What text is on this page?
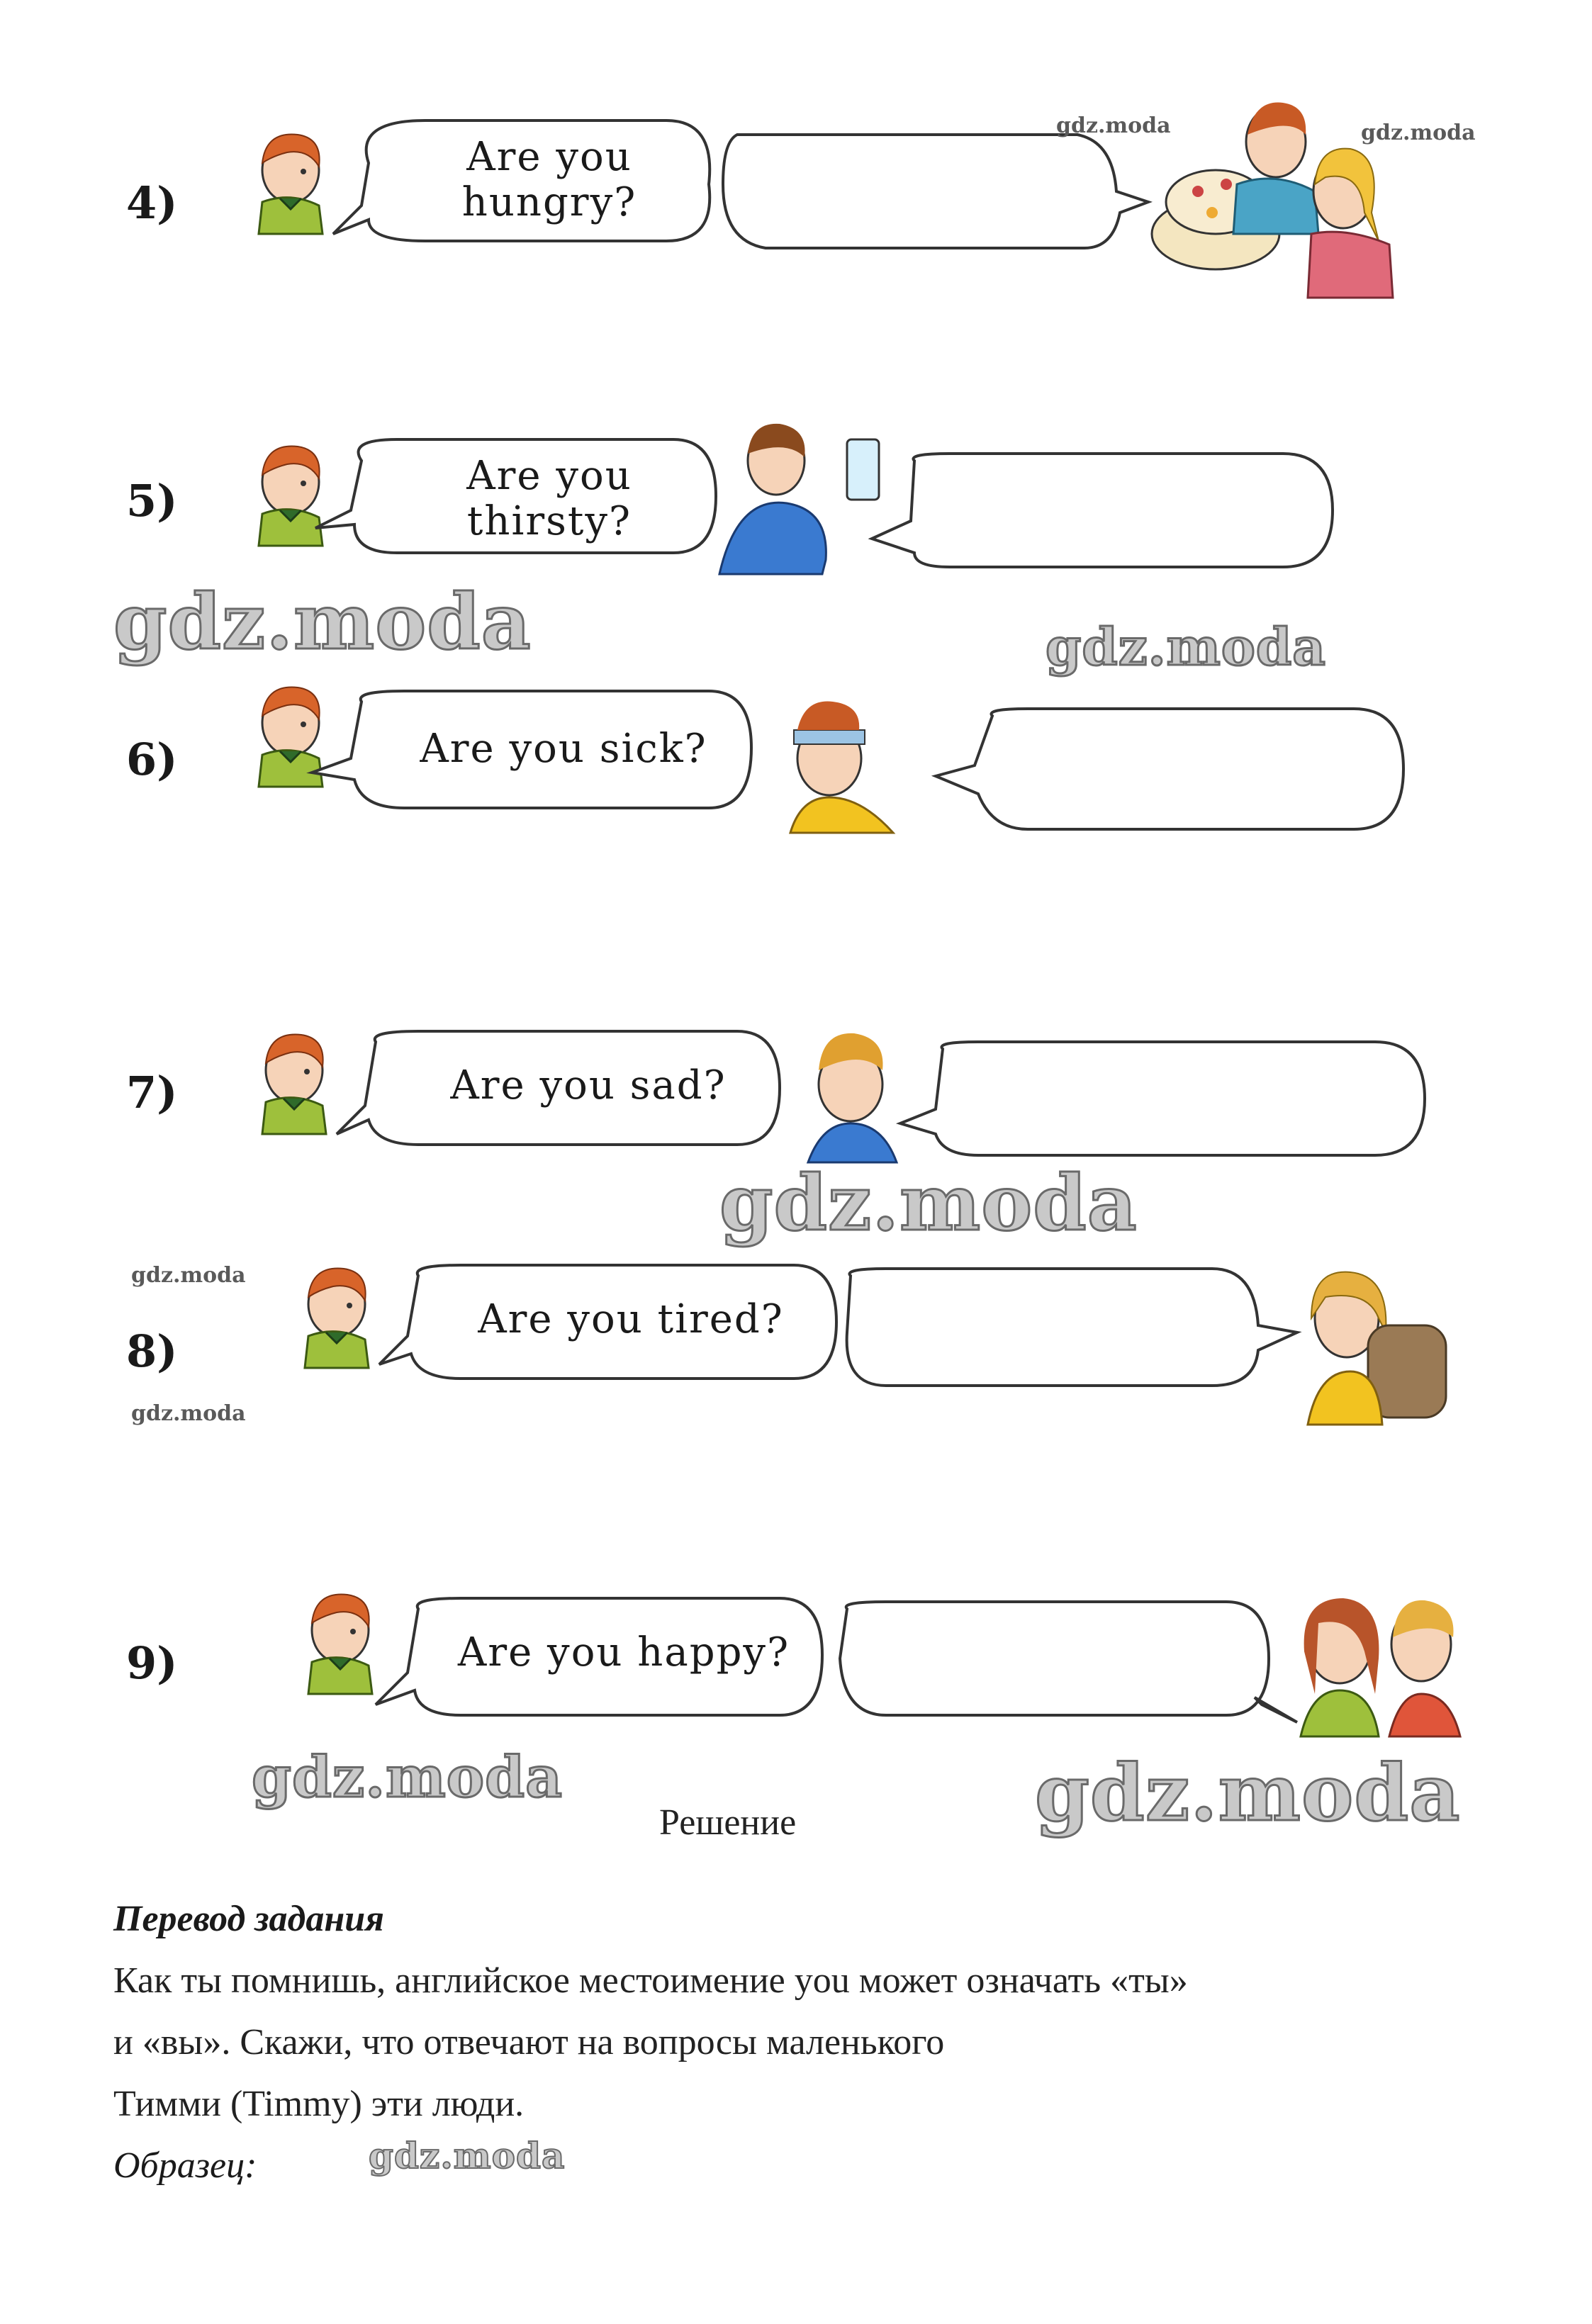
4)
5)
6)
7)
8)
9)
Are you
hungry?
Are you
thirsty?
Are you sick?
Are you sad?
Are you tired?
Are you happy?
gdz.moda	gdz.moda
gdz.moda	gdz.moda
gdz.moda
gdz.moda
gdz.moda
gdz.moda	gdz.moda
gdz.moda
Решение
Перевод задания
Как ты помнишь, английское местоимение you может означать «ты»
и «вы». Скажи, что отвечают на вопросы маленького
Тимми (Timmy) эти люди.
Образец:
